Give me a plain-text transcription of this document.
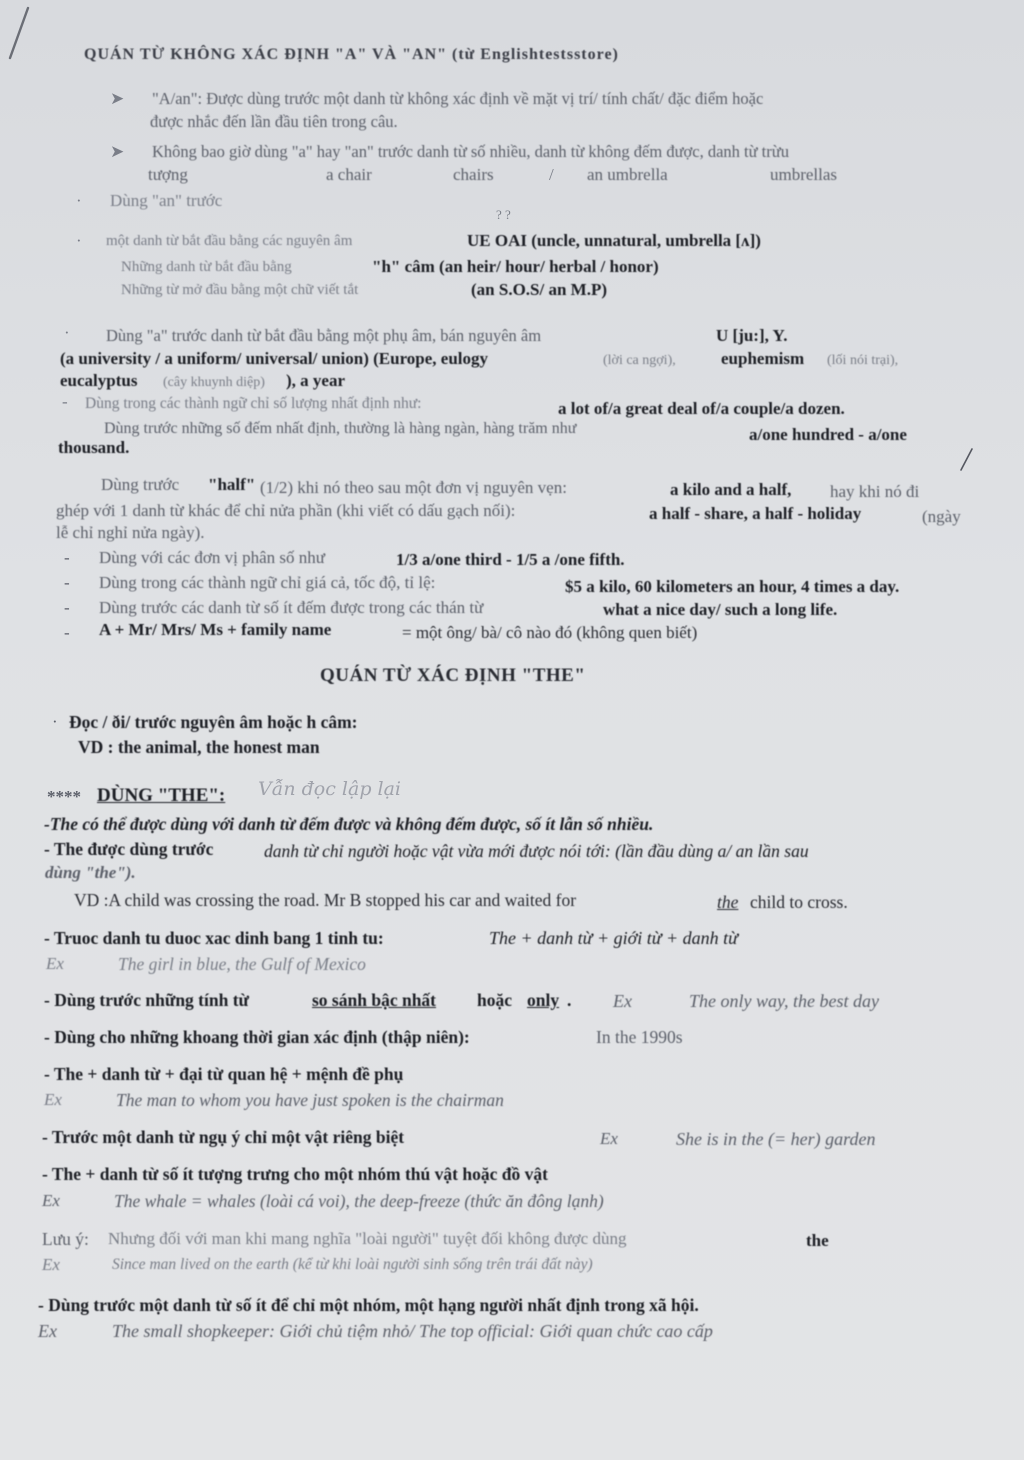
QUÁN TỪ KHÔNG XÁC ĐỊNH "A" VÀ "AN" (từ Englishtestsstore)
➤ "A/an": Được dùng trước một danh từ không xác định về mặt vị trí/ tính chất/ đặc điểm hoặc
được nhắc đến lần đầu tiên trong câu.
➤ Không bao giờ dùng "a" hay "an" trước danh từ số nhiều, danh từ không đếm được, danh từ trừu
tượng	a chair	chairs	/ an umbrella	umbrellas
· Dùng "an" trước
? ?
· một danh từ bắt đầu bằng các nguyên âm	UE OAI (uncle, unnatural, umbrella [ʌ])
Những danh từ bắt đầu bằng	"h" câm (an heir/ hour/ herbal / honor)
Những từ mở đầu bằng một chữ viết tắt	(an S.O.S/ an M.P)
· Dùng "a" trước danh từ bắt đầu bằng một phụ âm, bán nguyên âm	U [ju:], Y.
(a university / a uniform/ universal/ union) (Europe, eulogy	(lời ca ngợi),	euphemism (lối nói trại),
eucalyptus (cây khuynh diệp) ), a year
- Dùng trong các thành ngữ chỉ số lượng nhất định như:	a lot of/a great deal of/a couple/a dozen.
Dùng trước những số đếm nhất định, thường là hàng ngàn, hàng trăm như	a/one hundred - a/one
thousand.
Dùng trước "half" (1/2) khi nó theo sau một đơn vị nguyên vẹn:	a kilo and a half, hay khi nó đi
ghép với 1 danh từ khác để chỉ nửa phần (khi viết có dấu gạch nối):	a half - share, a half - holiday	(ngày
lễ chỉ nghỉ nửa ngày).
- Dùng với các đơn vị phân số như	1/3 a/one third - 1/5 a /one fifth.
- Dùng trong các thành ngữ chỉ giá cả, tốc độ, tỉ lệ:	$5 a kilo, 60 kilometers an hour, 4 times a day.
- Dùng trước các danh từ số ít đếm được trong các thán từ	what a nice day/ such a long life.
- A + Mr/ Mrs/ Ms + family name	= một ông/ bà/ cô nào đó (không quen biết)
QUÁN TỪ XÁC ĐỊNH "THE"
· Đọc / ði/ trước nguyên âm hoặc h câm:
VD : the animal, the honest man
**** DÙNG "THE": Vẫn đọc lập lại
-The có thể được dùng với danh từ đếm được và không đếm được, số ít lẫn số nhiều.
- The được dùng trước	danh từ chỉ người hoặc vật vừa mới được nói tới: (lần đầu dùng a/ an lần sau
dùng "the").
VD :A child was crossing the road. Mr B stopped his car and waited for	the child to cross.
- Truoc danh tu duoc xac dinh bang 1 tinh tu:	The + danh từ + giới từ + danh từ
Ex	The girl in blue, the Gulf of Mexico
- Dùng trước những tính từ	so sánh bậc nhất hoặc only . Ex	The only way, the best day
- Dùng cho những khoang thời gian xác định (thập niên):	In the 1990s
- The + danh từ + đại từ quan hệ + mệnh đề phụ
Ex	The man to whom you have just spoken is the chairman
- Trước một danh từ ngụ ý chỉ một vật riêng biệt	Ex	She is in the (= her) garden
- The + danh từ số ít tượng trưng cho một nhóm thú vật hoặc đồ vật
Ex	The whale = whales (loài cá voi), the deep-freeze (thức ăn đông lạnh)
Lưu ý: Nhưng đối với man khi mang nghĩa "loài người" tuyệt đối không được dùng	the
Ex	Since man lived on the earth (kể từ khi loài người sinh sống trên trái đất này)
- Dùng trước một danh từ số ít để chỉ một nhóm, một hạng người nhất định trong xã hội.
Ex	The small shopkeeper: Giới chủ tiệm nhỏ/ The top official: Giới quan chức cao cấp
